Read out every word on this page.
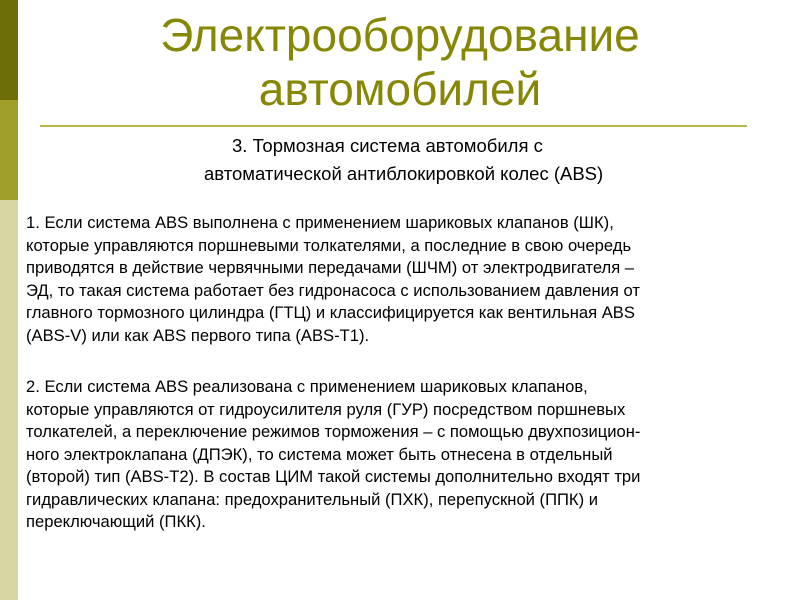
Электрооборудование
автомобилей
3. Тормозная система автомобиля с
автоматической антиблокировкой колес (ABS)
1. Если система ABS выполнена с применением шариковых клапанов (ШК),
которые управляются поршневыми толкателями, а последние в свою очередь
приводятся в действие червячными передачами (ШЧМ) от электродвигателя –
ЭД, то такая система работает без гидронасоса с использованием давления от
главного тормозного цилиндра (ГТЦ) и классифицируется как вентильная ABS
(ABS-V) или как ABS первого типа (ABS-T1).
2. Если система ABS реализована с применением шариковых клапанов,
которые управляются от гидроусилителя руля (ГУР) посредством поршневых
толкателей, а переключение режимов торможения – с помощью двухпозицион-
ного электроклапана (ДПЭК), то система может быть отнесена в отдельный
(второй) тип (ABS-T2). В состав ЦИМ такой системы дополнительно входят три
гидравлических клапана: предохранительный (ПХК), перепускной (ППК) и
переключающий (ПКК).
